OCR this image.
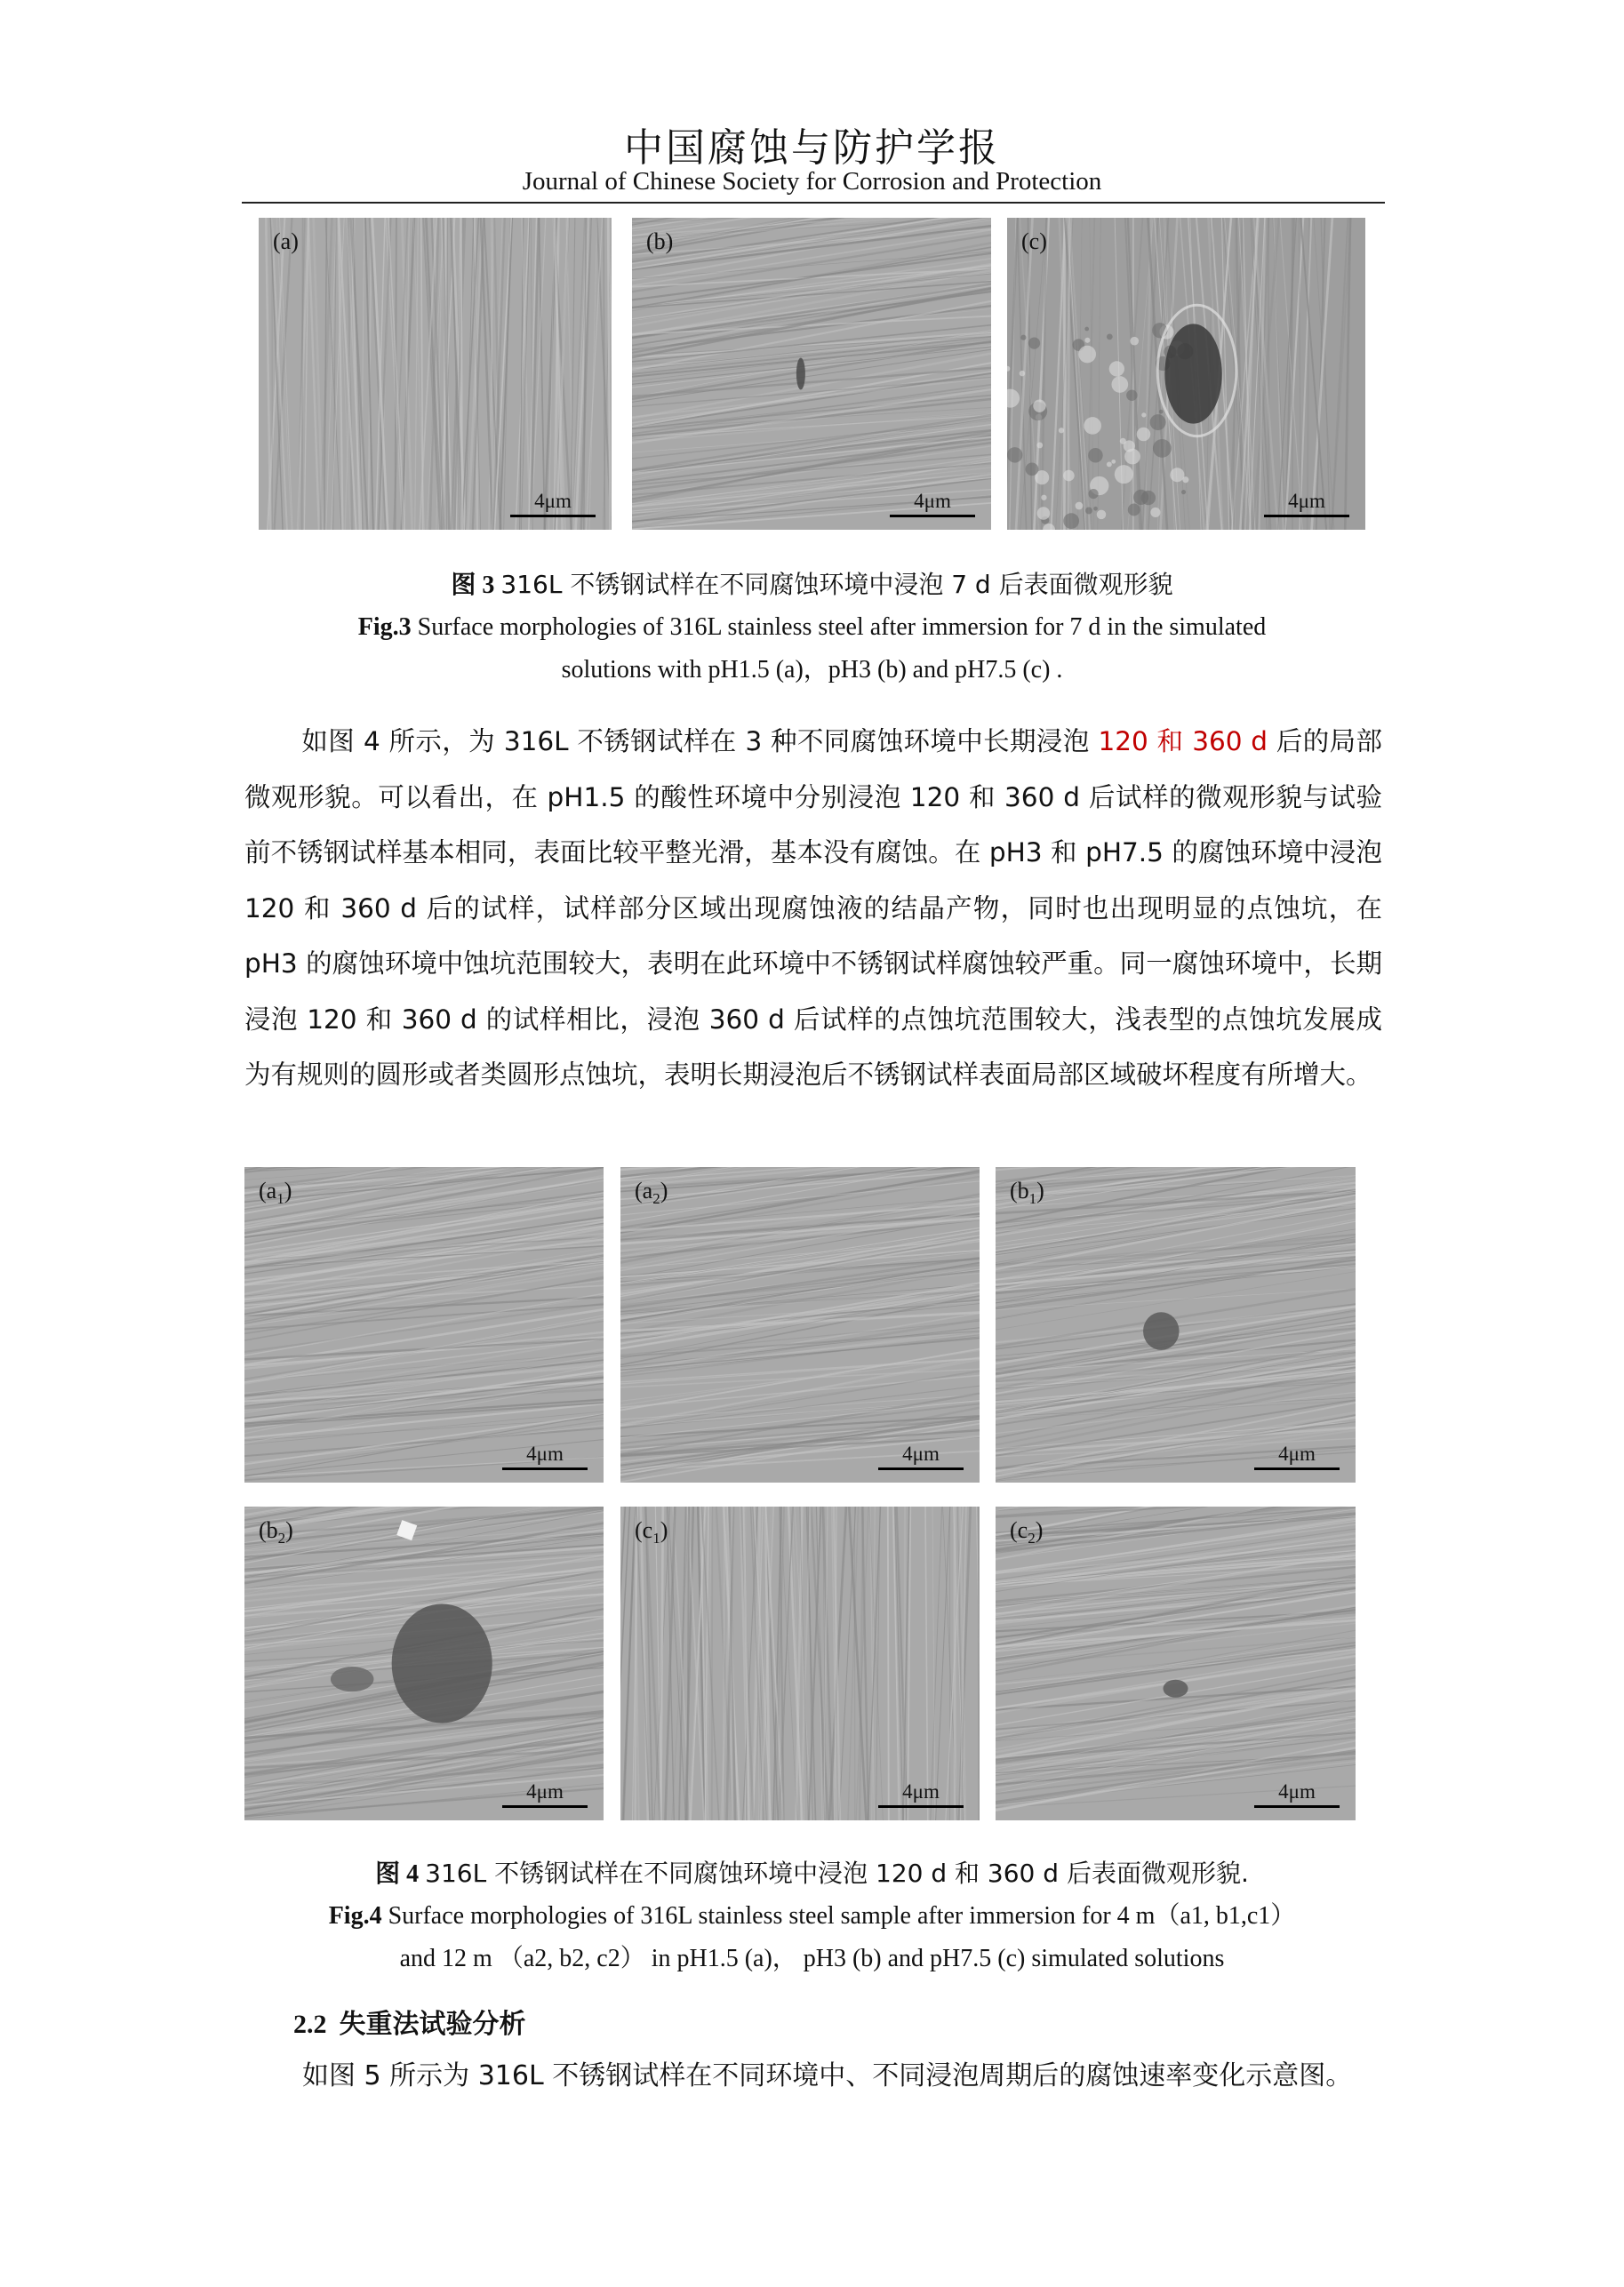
中国腐蚀与防护学报
Journal of Chinese Society for Corrosion and Protection
(a)
4μm
(b)
4μm
(c)
4μm
图 3 316L 不锈钢试样在不同腐蚀环境中浸泡 7 d 后表面微观形貌
Fig.3 Surface morphologies of 316L stainless steel after immersion for 7 d in the simulated
solutions with pH1.5 (a)，pH3 (b) and pH7.5 (c) .
如图 4 所示，为 316L 不锈钢试样在 3 种不同腐蚀环境中长期浸泡 120 和 360 d 后的局部微观形貌。可以看出，在 pH1.5 的酸性环境中分别浸泡 120 和 360 d 后试样的微观形貌与试验前不锈钢试样基本相同，表面比较平整光滑，基本没有腐蚀。在 pH3 和 pH7.5 的腐蚀环境中浸泡 120 和 360 d 后的试样，试样部分区域出现腐蚀液的结晶产物，同时也出现明显的点蚀坑，在 pH3 的腐蚀环境中蚀坑范围较大，表明在此环境中不锈钢试样腐蚀较严重。同一腐蚀环境中，长期浸泡 120 和 360 d 的试样相比，浸泡 360 d 后试样的点蚀坑范围较大，浅表型的点蚀坑发展成为有规则的圆形或者类圆形点蚀坑，表明长期浸泡后不锈钢试样表面局部区域破坏程度有所增大。
$(a_1)$
4μm
$(a_2)$
4μm
$(b_1)$
4μm
$(b_2)$
4μm
$(c_1)$
4μm
$(c_2)$
4μm
图 4 316L 不锈钢试样在不同腐蚀环境中浸泡 120 d 和 360 d 后表面微观形貌.
Fig.4 Surface morphologies of 316L stainless steel sample after immersion for 4 m（a1, b1,c1）
and 12 m （a2, b2, c2） in pH1.5 (a)， pH3 (b) and pH7.5 (c) simulated solutions
2.2 失重法试验分析
如图 5 所示为 316L 不锈钢试样在不同环境中、不同浸泡周期后的腐蚀速率变化示意图。
